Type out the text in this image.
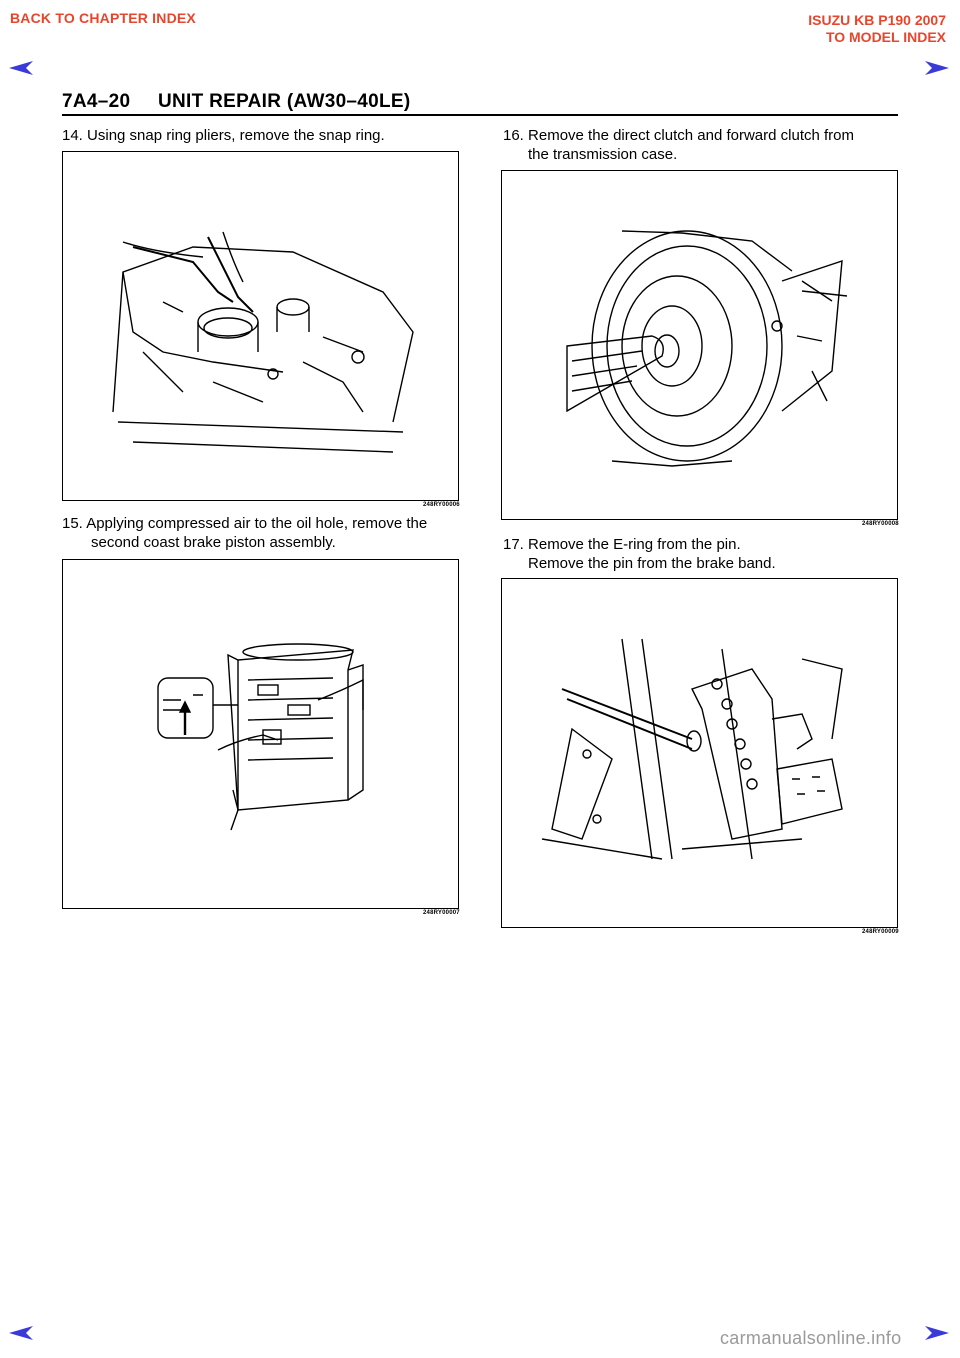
BACK TO CHAPTER INDEX	ISUZU KB P190 2007
TO MODEL INDEX
7A4–20 UNIT REPAIR (AW30–40LE)
14. Using snap ring pliers, remove the snap ring.
248RY00006
15. Applying compressed air to the oil hole, remove the
second coast brake piston assembly.
248RY00007
16. Remove the direct clutch and forward clutch from
the transmission case.
248RY00008
17. Remove the E-ring from the pin.
Remove the pin from the brake band.
248RY00009
carmanualsonline.info
